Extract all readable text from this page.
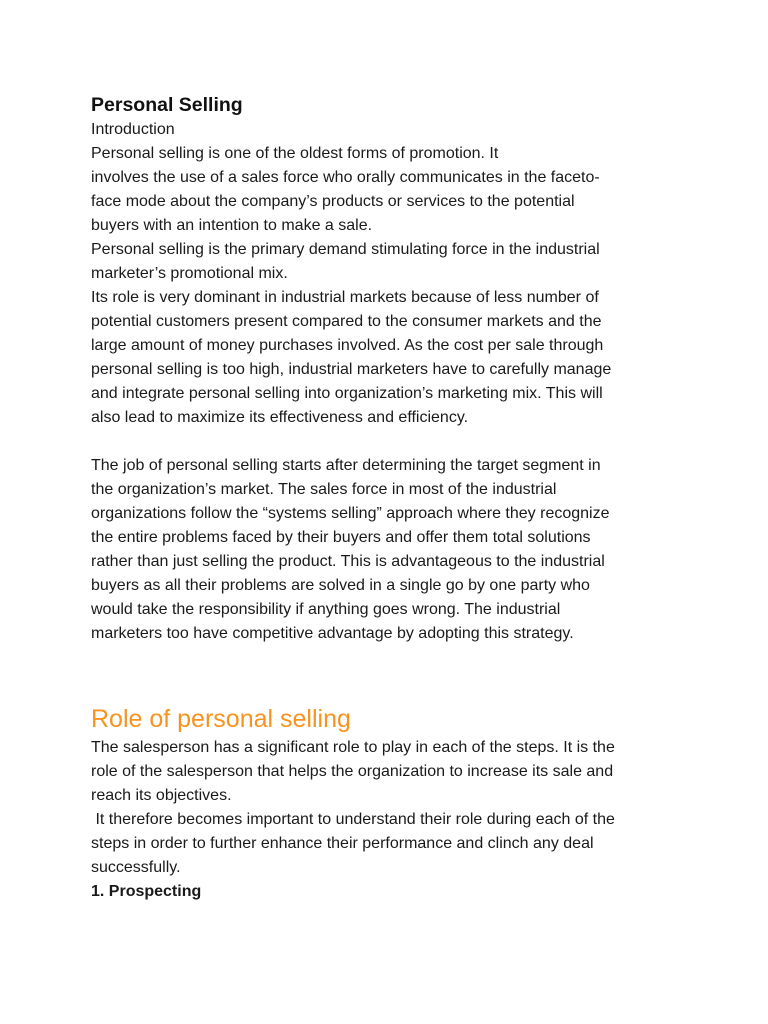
Personal Selling

Introduction

Personal selling is one of the oldest forms of promotion. It

involves the use of a sales force who orally communicates in the faceto-

face mode about the company’s products or services to the potential

buyers with an intention to make a sale.

Personal selling is the primary demand stimulating force in the industrial

marketer’s promotional mix.

Its role is very dominant in industrial markets because of less number of

potential customers present compared to the consumer markets and the

large amount of money purchases involved. As the cost per sale through

personal selling is too high, industrial marketers have to carefully manage

and integrate personal selling into organization’s marketing mix. This will

also lead to maximize its effectiveness and efficiency.

The job of personal selling starts after determining the target segment in

the organization’s market. The sales force in most of the industrial

organizations follow the “systems selling” approach where they recognize

the entire problems faced by their buyers and offer them total solutions

rather than just selling the product. This is advantageous to the industrial

buyers as all their problems are solved in a single go by one party who

would take the responsibility if anything goes wrong. The industrial

marketers too have competitive advantage by adopting this strategy.

Role of personal selling

The salesperson has a significant role to play in each of the steps. It is the

role of the salesperson that helps the organization to increase its sale and

reach its objectives.

It therefore becomes important to understand their role during each of the

steps in order to further enhance their performance and clinch any deal

successfully.

1. Prospecting
